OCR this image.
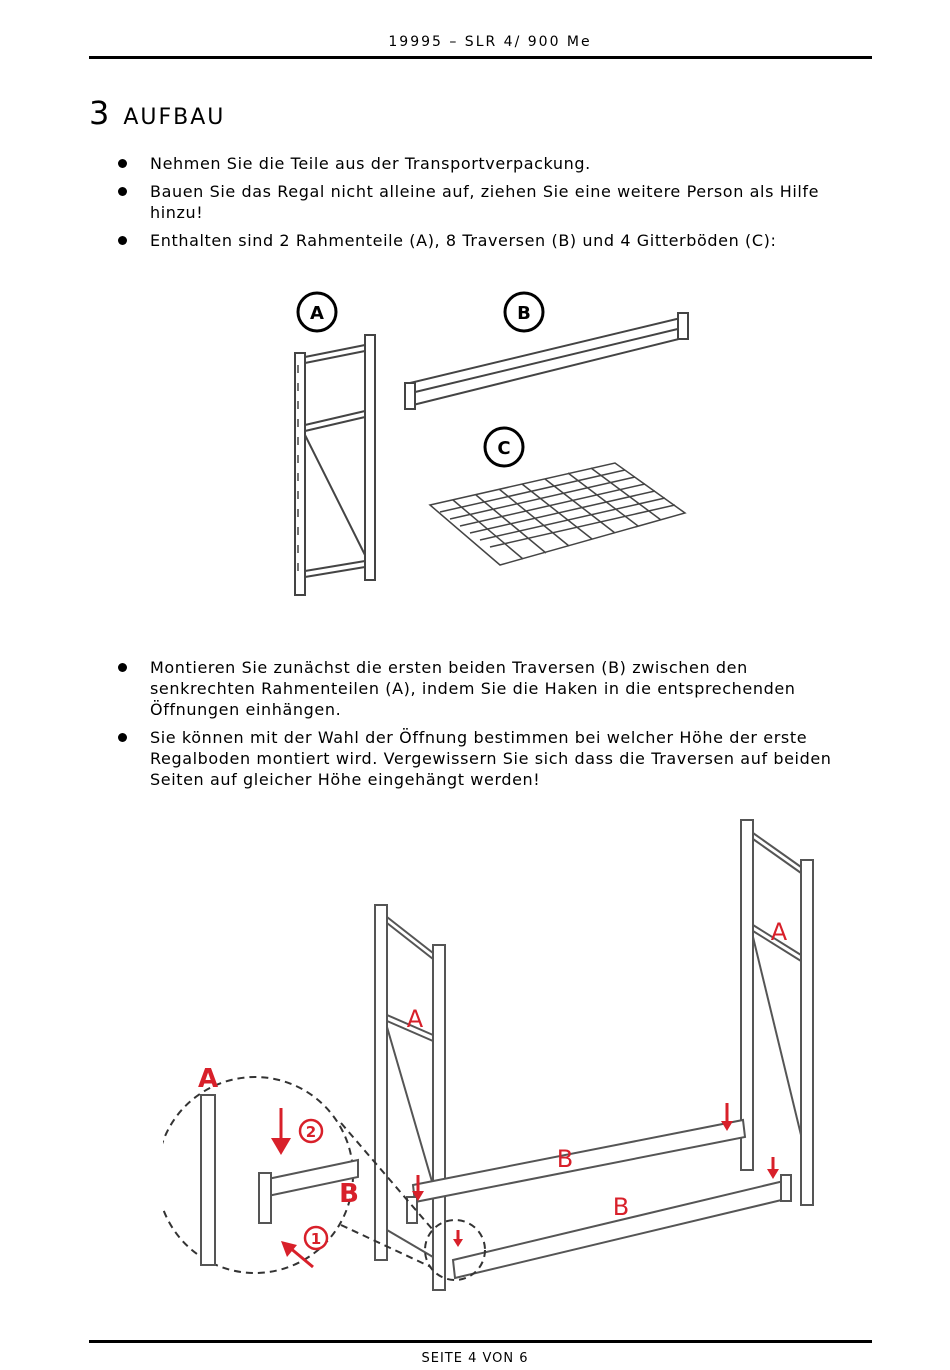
19995 – SLR 4/ 900 Me
3 AUFBAU
Nehmen Sie die Teile aus der Transportverpackung.
Bauen Sie das Regal nicht alleine auf, ziehen Sie eine weitere Person als Hilfe hinzu!
Enthalten sind 2 Rahmenteile (A), 8 Traversen (B) und 4 Gitterböden (C):
A	B
C
Montieren Sie zunächst die ersten beiden Traversen (B) zwischen den senkrechten Rahmenteilen (A), indem Sie die Haken in die entsprechenden Öffnungen einhängen.
Sie können mit der Wahl der Öffnung bestimmen bei welcher Höhe der erste Regalboden montiert wird. Vergewissern Sie sich dass die Traversen auf beiden Seiten auf gleicher Höhe eingehängt werden!
2
1
A
B
A
A
B
B
SEITE 4 VON 6
